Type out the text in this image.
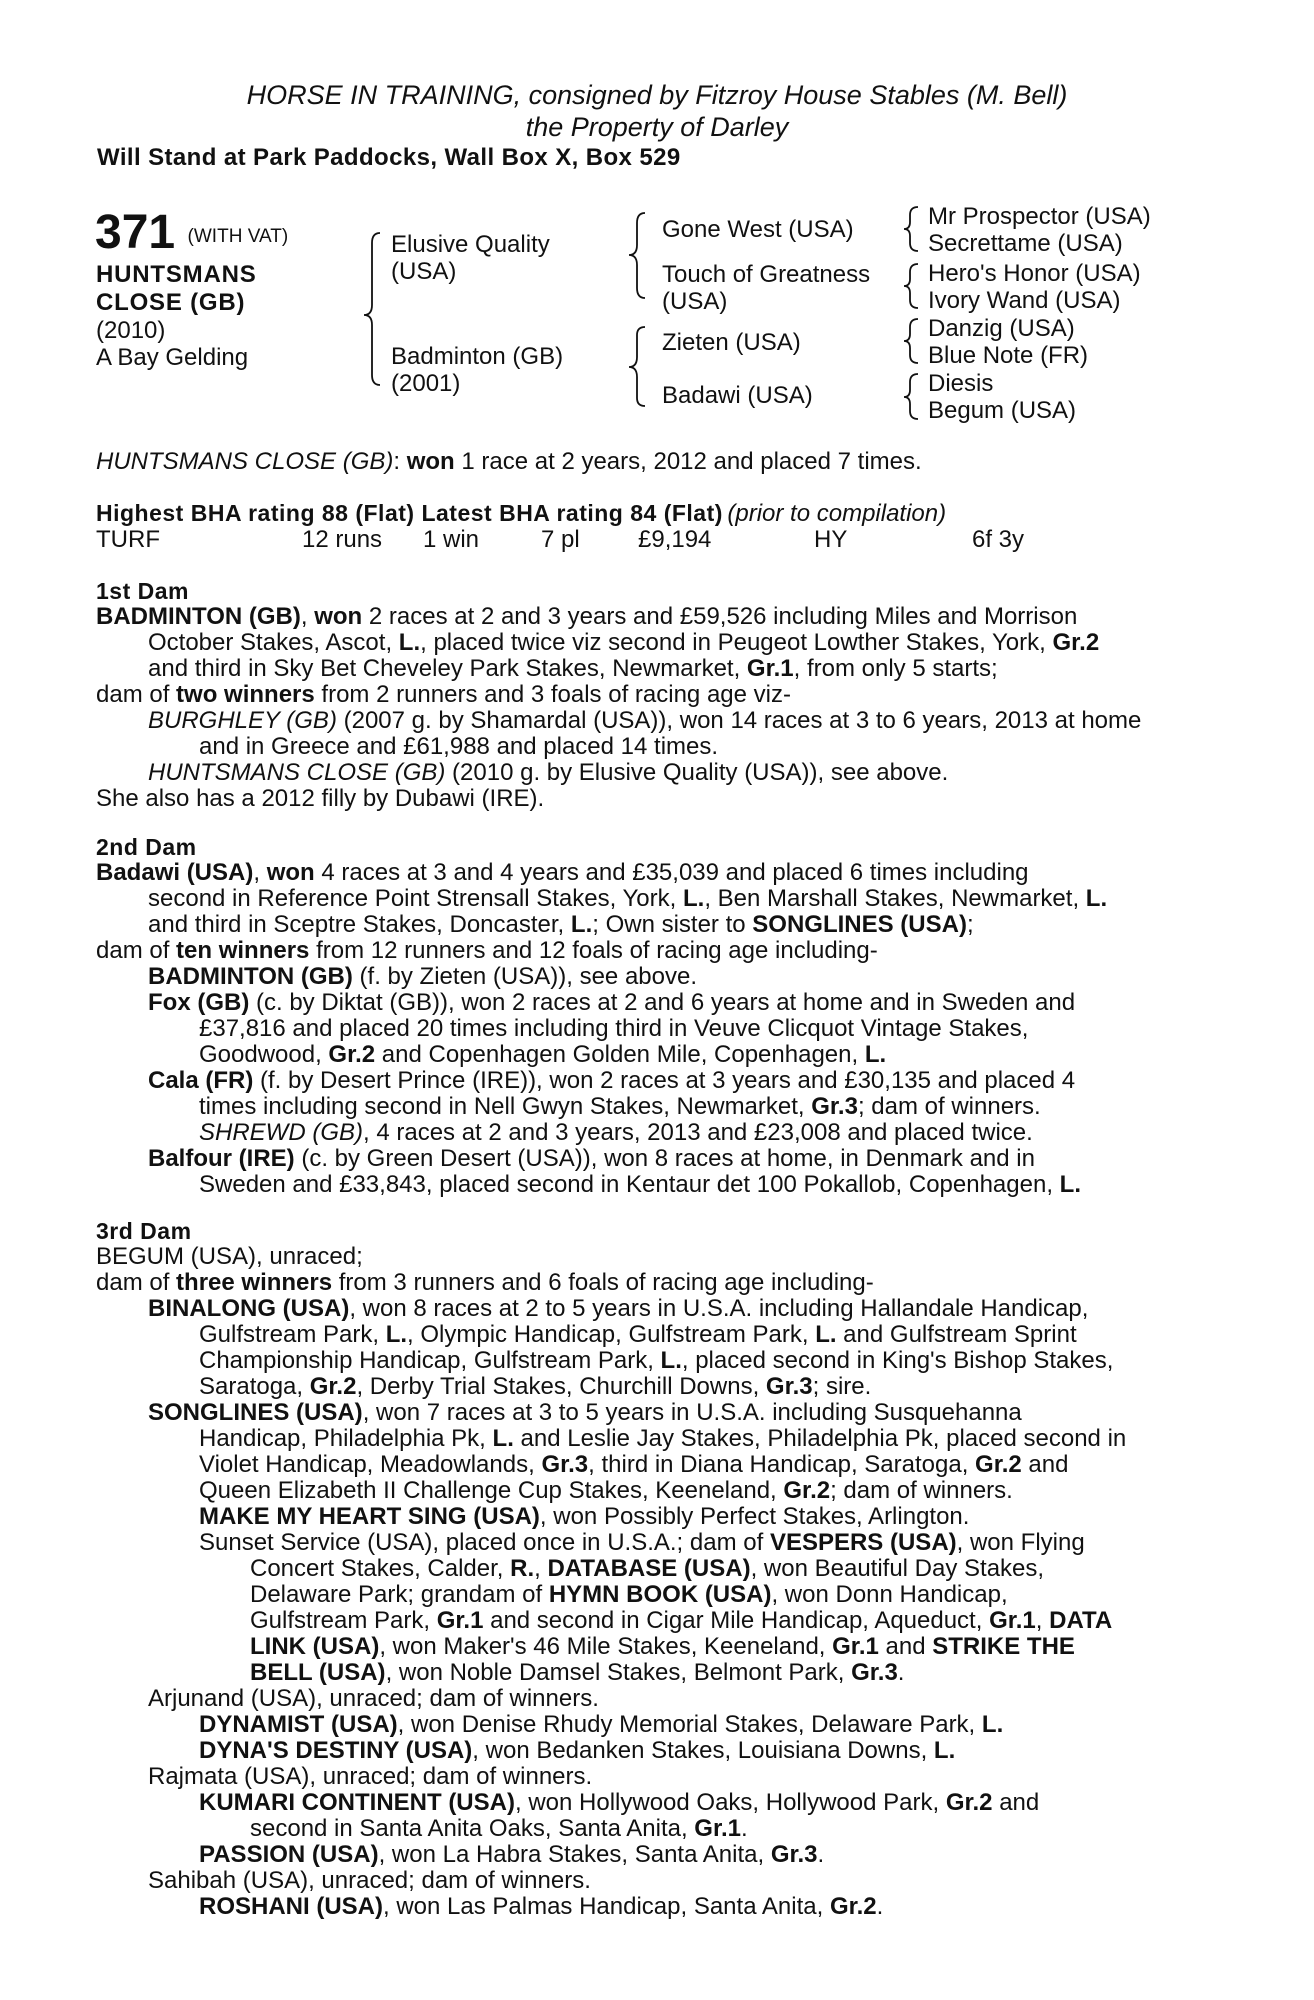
HORSE IN TRAINING, consigned by Fitzroy House Stables (M. Bell)
the Property of Darley
Will Stand at Park Paddocks, Wall Box X, Box 529
371 (WITH VAT)
HUNTSMANS
CLOSE (GB)
(2010)
A Bay Gelding
Elusive Quality
(USA)
Badminton (GB)
(2001)
Gone West (USA)
Touch of Greatness
(USA)
Zieten (USA)
Badawi (USA)
Mr Prospector (USA)
Secrettame (USA)
Hero's Honor (USA)
Ivory Wand (USA)
Danzig (USA)
Blue Note (FR)
Diesis
Begum (USA)
HUNTSMANS CLOSE (GB): won 1 race at 2 years, 2012 and placed 7 times.
Highest BHA rating 88 (Flat) Latest BHA rating 84 (Flat) (prior to compilation)
TURF	12 runs 1 win	7 pl £9,194	HY	6f 3y
1st Dam
BADMINTON (GB), won 2 races at 2 and 3 years and £59,526 including Miles and Morrison
October Stakes, Ascot, L., placed twice viz second in Peugeot Lowther Stakes, York, Gr.2
and third in Sky Bet Cheveley Park Stakes, Newmarket, Gr.1, from only 5 starts;
dam of two winners from 2 runners and 3 foals of racing age viz-
BURGHLEY (GB) (2007 g. by Shamardal (USA)), won 14 races at 3 to 6 years, 2013 at home
and in Greece and £61,988 and placed 14 times.
HUNTSMANS CLOSE (GB) (2010 g. by Elusive Quality (USA)), see above.
She also has a 2012 filly by Dubawi (IRE).
2nd Dam
Badawi (USA), won 4 races at 3 and 4 years and £35,039 and placed 6 times including
second in Reference Point Strensall Stakes, York, L., Ben Marshall Stakes, Newmarket, L.
and third in Sceptre Stakes, Doncaster, L.; Own sister to SONGLINES (USA);
dam of ten winners from 12 runners and 12 foals of racing age including-
BADMINTON (GB) (f. by Zieten (USA)), see above.
Fox (GB) (c. by Diktat (GB)), won 2 races at 2 and 6 years at home and in Sweden and
£37,816 and placed 20 times including third in Veuve Clicquot Vintage Stakes,
Goodwood, Gr.2 and Copenhagen Golden Mile, Copenhagen, L.
Cala (FR) (f. by Desert Prince (IRE)), won 2 races at 3 years and £30,135 and placed 4
times including second in Nell Gwyn Stakes, Newmarket, Gr.3; dam of winners.
SHREWD (GB), 4 races at 2 and 3 years, 2013 and £23,008 and placed twice.
Balfour (IRE) (c. by Green Desert (USA)), won 8 races at home, in Denmark and in
Sweden and £33,843, placed second in Kentaur det 100 Pokallob, Copenhagen, L.
3rd Dam
BEGUM (USA), unraced;
dam of three winners from 3 runners and 6 foals of racing age including-
BINALONG (USA), won 8 races at 2 to 5 years in U.S.A. including Hallandale Handicap,
Gulfstream Park, L., Olympic Handicap, Gulfstream Park, L. and Gulfstream Sprint
Championship Handicap, Gulfstream Park, L., placed second in King's Bishop Stakes,
Saratoga, Gr.2, Derby Trial Stakes, Churchill Downs, Gr.3; sire.
SONGLINES (USA), won 7 races at 3 to 5 years in U.S.A. including Susquehanna
Handicap, Philadelphia Pk, L. and Leslie Jay Stakes, Philadelphia Pk, placed second in
Violet Handicap, Meadowlands, Gr.3, third in Diana Handicap, Saratoga, Gr.2 and
Queen Elizabeth II Challenge Cup Stakes, Keeneland, Gr.2; dam of winners.
MAKE MY HEART SING (USA), won Possibly Perfect Stakes, Arlington.
Sunset Service (USA), placed once in U.S.A.; dam of VESPERS (USA), won Flying
Concert Stakes, Calder, R., DATABASE (USA), won Beautiful Day Stakes,
Delaware Park; grandam of HYMN BOOK (USA), won Donn Handicap,
Gulfstream Park, Gr.1 and second in Cigar Mile Handicap, Aqueduct, Gr.1, DATA
LINK (USA), won Maker's 46 Mile Stakes, Keeneland, Gr.1 and STRIKE THE
BELL (USA), won Noble Damsel Stakes, Belmont Park, Gr.3.
Arjunand (USA), unraced; dam of winners.
DYNAMIST (USA), won Denise Rhudy Memorial Stakes, Delaware Park, L.
DYNA'S DESTINY (USA), won Bedanken Stakes, Louisiana Downs, L.
Rajmata (USA), unraced; dam of winners.
KUMARI CONTINENT (USA), won Hollywood Oaks, Hollywood Park, Gr.2 and
second in Santa Anita Oaks, Santa Anita, Gr.1.
PASSION (USA), won La Habra Stakes, Santa Anita, Gr.3.
Sahibah (USA), unraced; dam of winners.
ROSHANI (USA), won Las Palmas Handicap, Santa Anita, Gr.2.
